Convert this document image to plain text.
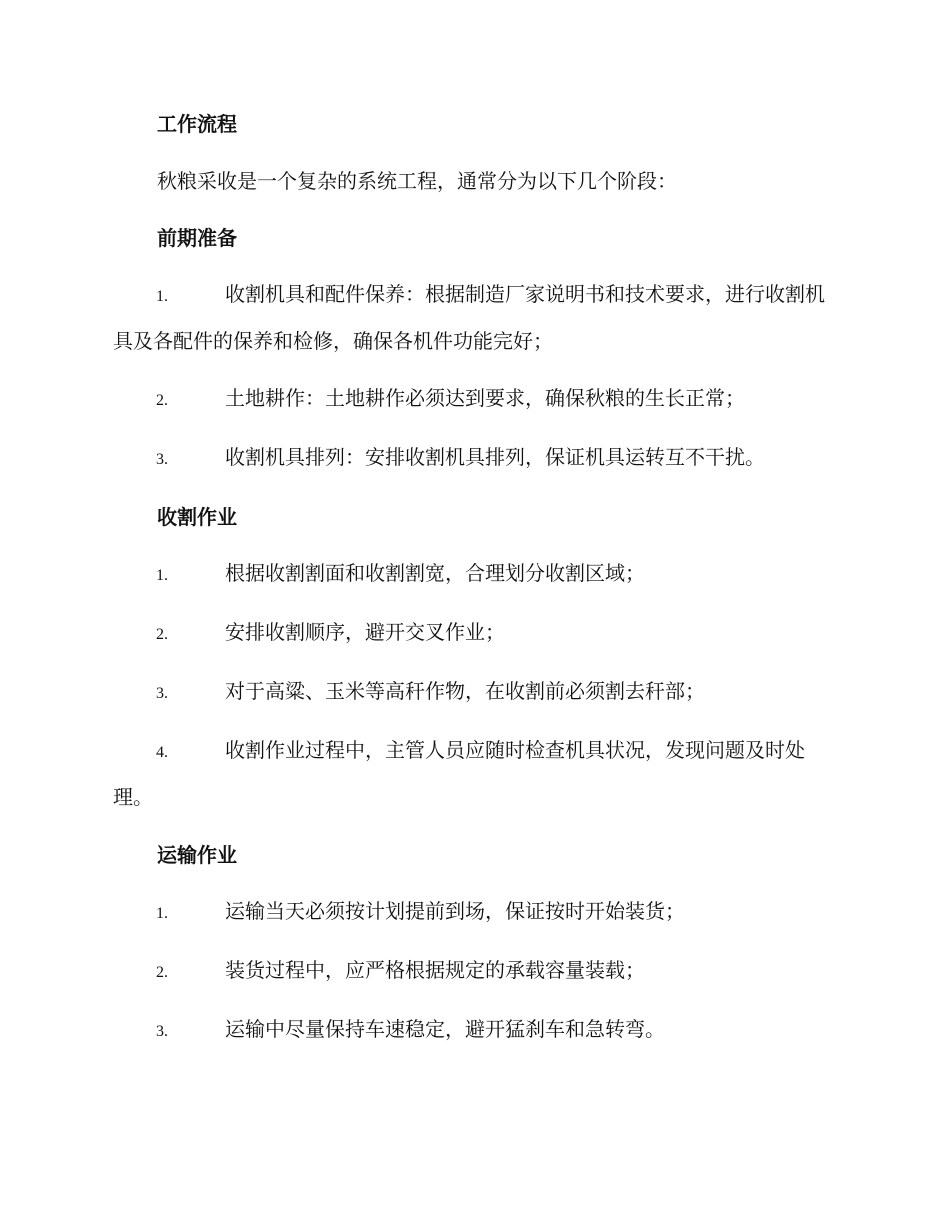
工作流程

秋粮采收是一个复杂的系统工程，通常分为以下几个阶段：

前期准备

1.	收割机具和配件保养：根据制造厂家说明书和技术要求，进行收割机具及各配件的保养和检修，确保各机件功能完好；

2.	土地耕作：土地耕作必须达到要求，确保秋粮的生长正常；

3.	收割机具排列：安排收割机具排列，保证机具运转互不干扰。

收割作业

1.	根据收割割面和收割割宽，合理划分收割区域；

2.	安排收割顺序，避开交叉作业；

3.	对于高粱、玉米等高秆作物，在收割前必须割去秆部；

4.	收割作业过程中，主管人员应随时检查机具状况，发现问题及时处理。

运输作业

1.	运输当天必须按计划提前到场，保证按时开始装货；

2.	装货过程中，应严格根据规定的承载容量装载；

3.	运输中尽量保持车速稳定，避开猛刹车和急转弯。
